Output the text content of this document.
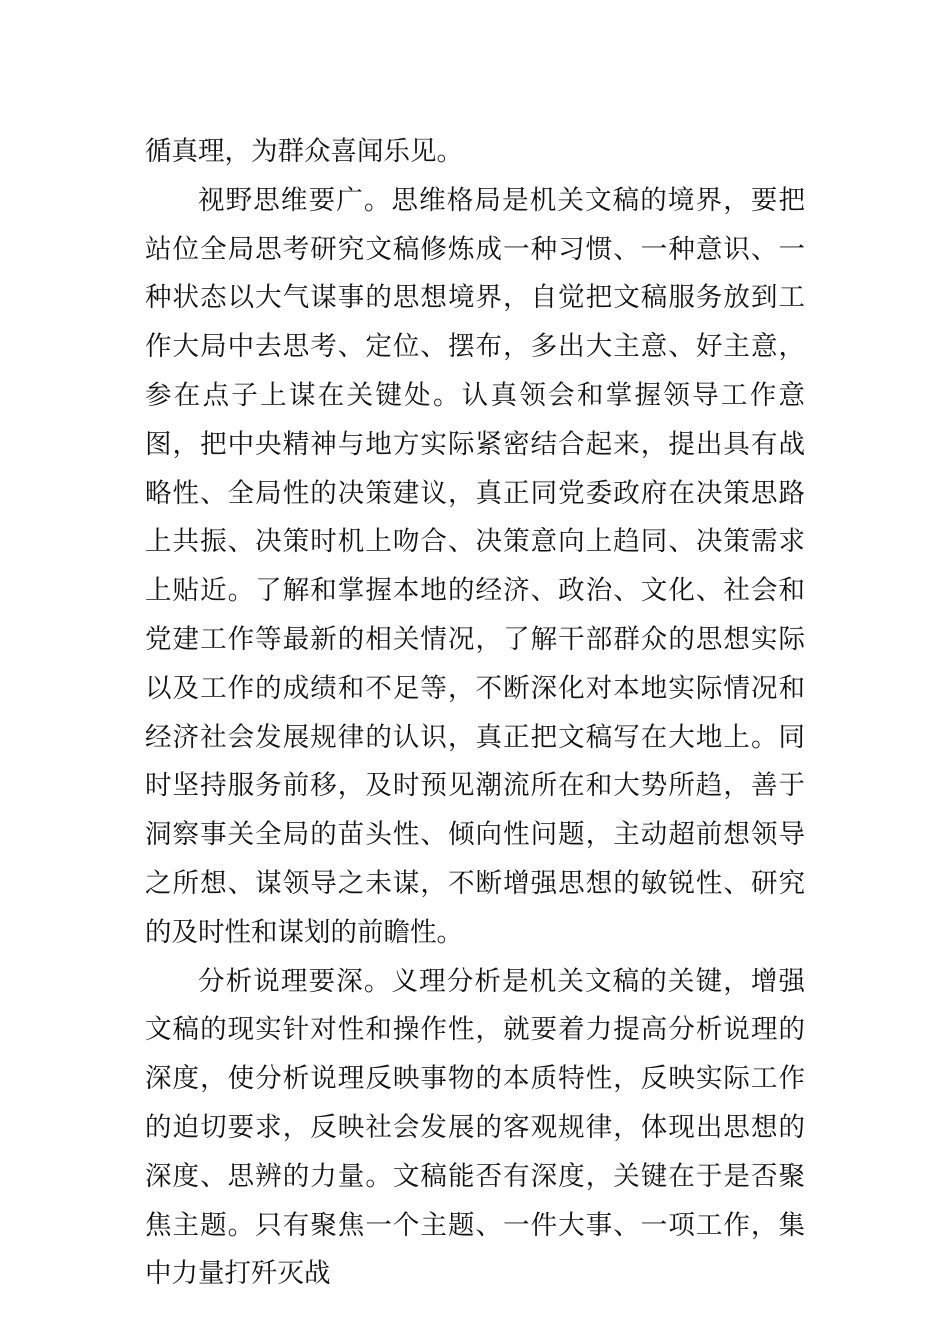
循真理，为群众喜闻乐见。

视野思维要广。思维格局是机关文稿的境界，要把站位全局思考研究文稿修炼成一种习惯、一种意识、一种状态以大气谋事的思想境界，自觉把文稿服务放到工作大局中去思考、定位、摆布，多出大主意、好主意，参在点子上谋在关键处。认真领会和掌握领导工作意图，把中央精神与地方实际紧密结合起来，提出具有战略性、全局性的决策建议，真正同党委政府在决策思路上共振、决策时机上吻合、决策意向上趋同、决策需求上贴近。了解和掌握本地的经济、政治、文化、社会和党建工作等最新的相关情况，了解干部群众的思想实际以及工作的成绩和不足等，不断深化对本地实际情况和经济社会发展规律的认识，真正把文稿写在大地上。同时坚持服务前移，及时预见潮流所在和大势所趋，善于洞察事关全局的苗头性、倾向性问题，主动超前想领导之所想、谋领导之未谋，不断增强思想的敏锐性、研究的及时性和谋划的前瞻性。

分析说理要深。义理分析是机关文稿的关键，增强文稿的现实针对性和操作性，就要着力提高分析说理的深度，使分析说理反映事物的本质特性，反映实际工作的迫切要求，反映社会发展的客观规律，体现出思想的深度、思辨的力量。文稿能否有深度，关键在于是否聚焦主题。只有聚焦一个主题、一件大事、一项工作，集中力量打歼灭战
